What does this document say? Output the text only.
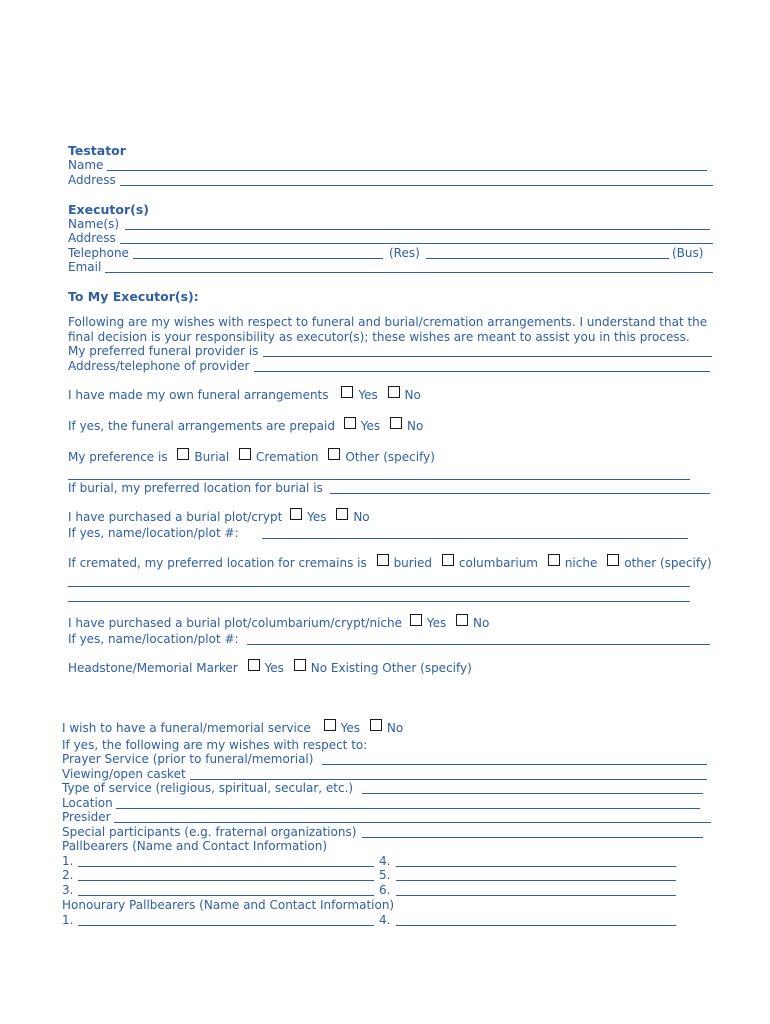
Testator
Name
Address
Executor(s)
Name(s)
Address
Telephone	(Res)	(Bus)
Email
To My Executor(s):
Following are my wishes with respect to funeral and burial/cremation arrangements. I understand that the
final decision is your responsibility as executor(s); these wishes are meant to assist you in this process.
My preferred funeral provider is
Address/telephone of provider
I have made my own funeral arrangements Yes No
If yes, the funeral arrangements are prepaid Yes No
My preference is Burial Cremation Other (specify)
If burial, my preferred location for burial is
I have purchased a burial plot/crypt Yes No
If yes, name/location/plot #:
If cremated, my preferred location for cremains is buried columbarium niche other (specify)
I have purchased a burial plot/columbarium/crypt/niche Yes No
If yes, name/location/plot #:
Headstone/Memorial Marker Yes No Existing Other (specify)
I wish to have a funeral/memorial service Yes No
If yes, the following are my wishes with respect to:
Prayer Service (prior to funeral/memorial)
Viewing/open casket
Type of service (religious, spiritual, secular, etc.)
Location
Presider
Special participants (e.g. fraternal organizations)
Pallbearers (Name and Contact Information)
1.	4.
2.	5.
3.	6.
Honourary Pallbearers (Name and Contact Information)
1.	4.
